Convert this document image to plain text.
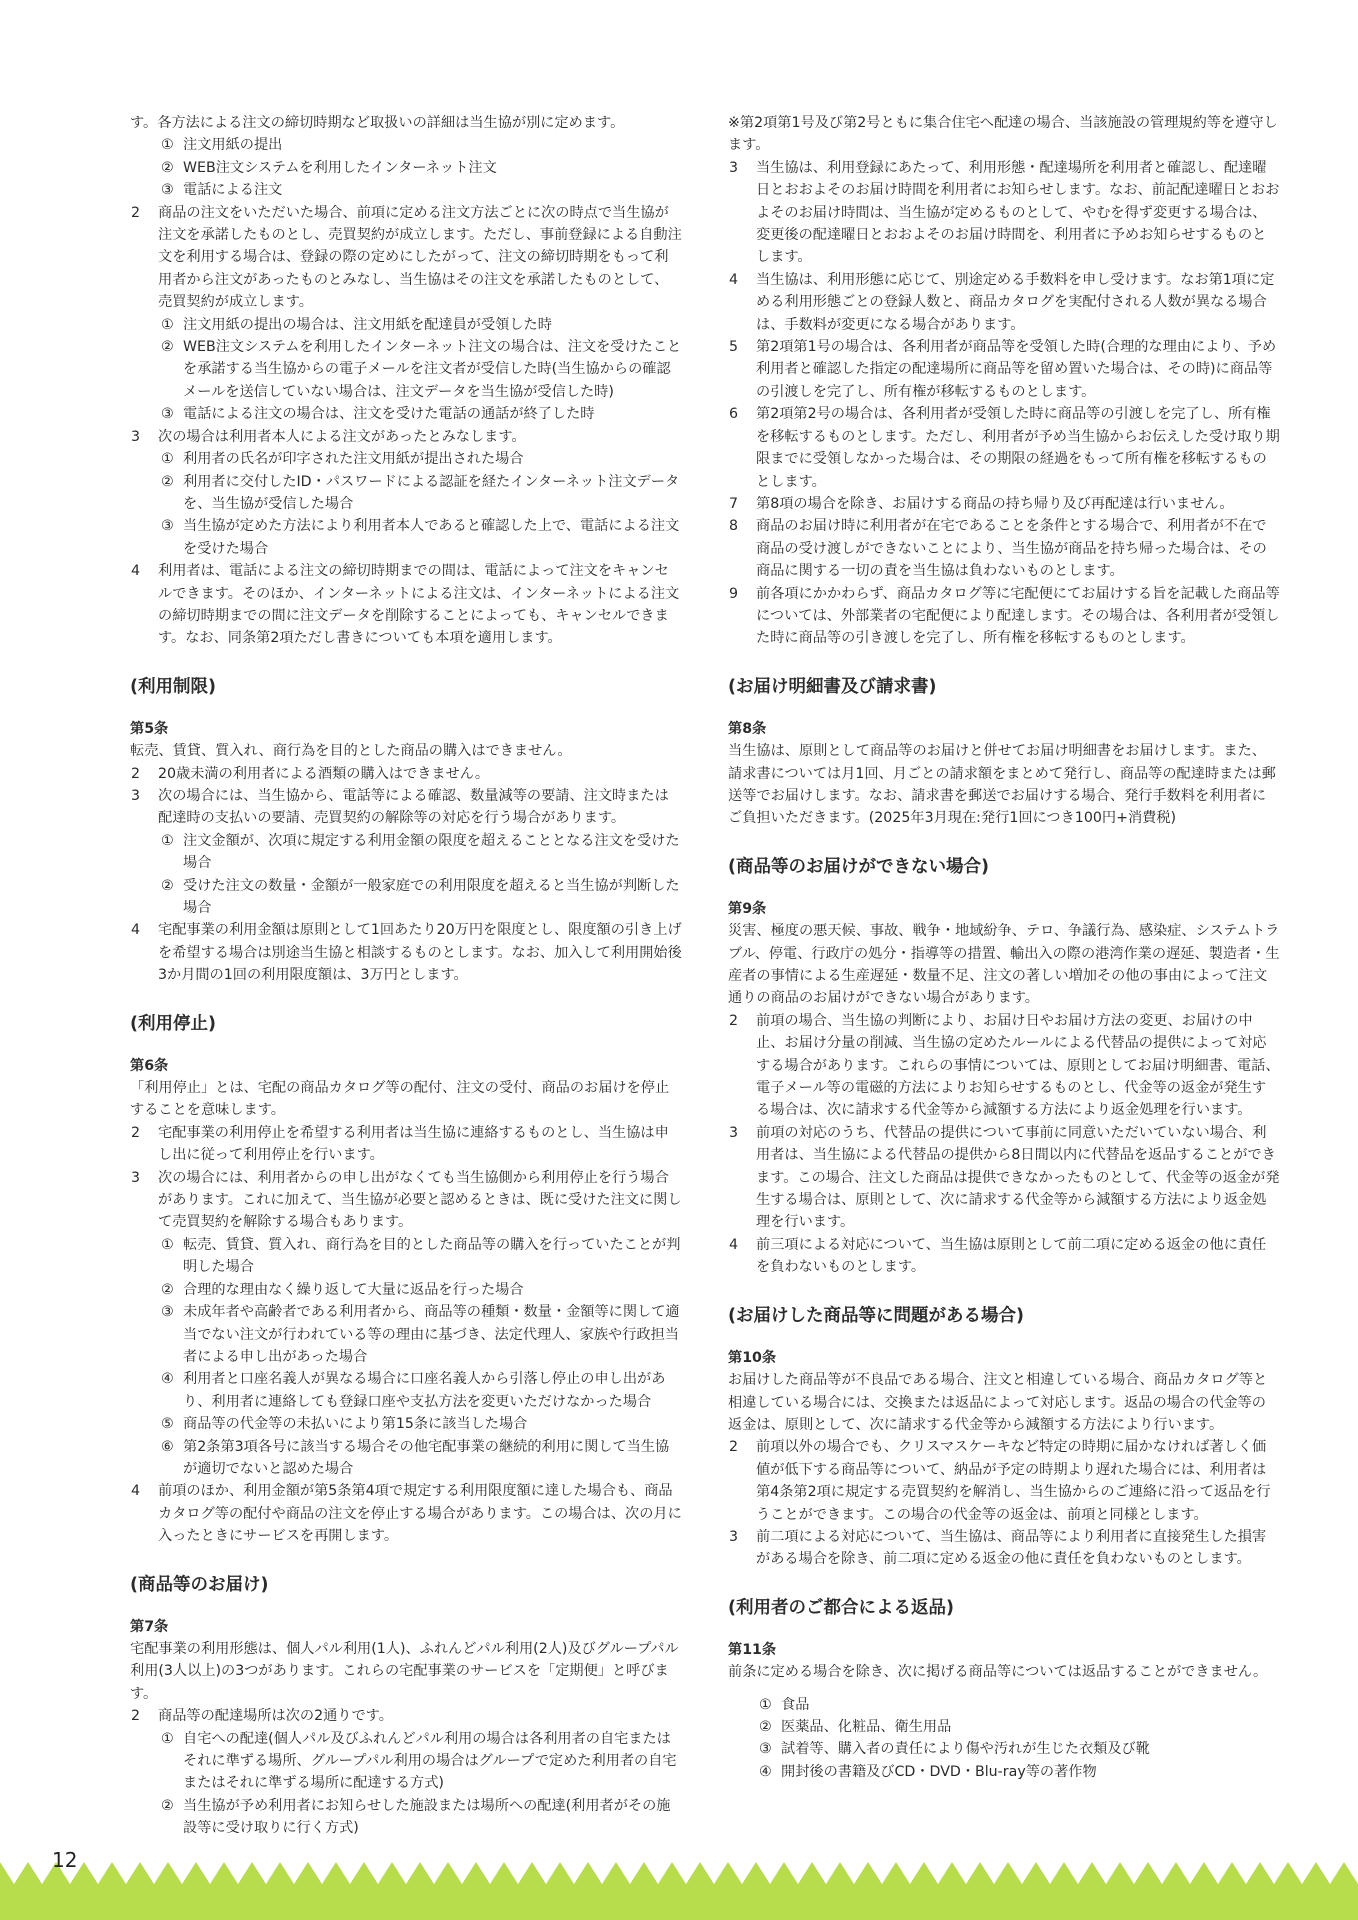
す。各方法による注文の締切時期など取扱いの詳細は当生協が別に定めます。

① 注文用紙の提出
② WEB注文システムを利用したインターネット注文
③ 電話による注文
2	商品の注文をいただいた場合、前項に定める注文方法ごとに次の時点で当生協が注文を承諾したものとし、売買契約が成立します。ただし、事前登録による自動注文を利用する場合は、登録の際の定めにしたがって、注文の締切時期をもって利用者から注文があったものとみなし、当生協はその注文を承諾したものとして、売買契約が成立します。
① 注文用紙の提出の場合は、注文用紙を配達員が受領した時
② WEB注文システムを利用したインターネット注文の場合は、注文を受けたことを承諾する当生協からの電子メールを注文者が受信した時(当生協からの確認メールを送信していない場合は、注文データを当生協が受信した時)
③ 電話による注文の場合は、注文を受けた電話の通話が終了した時
3	次の場合は利用者本人による注文があったとみなします。
① 利用者の氏名が印字された注文用紙が提出された場合
② 利用者に交付したID・パスワードによる認証を経たインターネット注文データを、当生協が受信した場合
③ 当生協が定めた方法により利用者本人であると確認した上で、電話による注文を受けた場合
4	利用者は、電話による注文の締切時期までの間は、電話によって注文をキャンセルできます。そのほか、インターネットによる注文は、インターネットによる注文の締切時期までの間に注文データを削除することによっても、キャンセルできます。なお、同条第2項ただし書きについても本項を適用します。
(利用制限)

第5条

転売、賃貸、質入れ、商行為を目的とした商品の購入はできません。

2	20歳未満の利用者による酒類の購入はできません。
3	次の場合には、当生協から、電話等による確認、数量減等の要請、注文時または配達時の支払いの要請、売買契約の解除等の対応を行う場合があります。
① 注文金額が、次項に規定する利用金額の限度を超えることとなる注文を受けた場合
② 受けた注文の数量・金額が一般家庭での利用限度を超えると当生協が判断した場合
4	宅配事業の利用金額は原則として1回あたり20万円を限度とし、限度額の引き上げを希望する場合は別途当生協と相談するものとします。なお、加入して利用開始後3か月間の1回の利用限度額は、3万円とします。
(利用停止)

第6条

「利用停止」とは、宅配の商品カタログ等の配付、注文の受付、商品のお届けを停止することを意味します。

2	宅配事業の利用停止を希望する利用者は当生協に連絡するものとし、当生協は申し出に従って利用停止を行います。
3	次の場合には、利用者からの申し出がなくても当生協側から利用停止を行う場合があります。これに加えて、当生協が必要と認めるときは、既に受けた注文に関して売買契約を解除する場合もあります。
① 転売、賃貸、質入れ、商行為を目的とした商品等の購入を行っていたことが判明した場合
② 合理的な理由なく繰り返して大量に返品を行った場合
③ 未成年者や高齢者である利用者から、商品等の種類・数量・金額等に関して適当でない注文が行われている等の理由に基づき、法定代理人、家族や行政担当者による申し出があった場合
④ 利用者と口座名義人が異なる場合に口座名義人から引落し停止の申し出があり、利用者に連絡しても登録口座や支払方法を変更いただけなかった場合
⑤ 商品等の代金等の未払いにより第15条に該当した場合
⑥ 第2条第3項各号に該当する場合その他宅配事業の継続的利用に関して当生協が適切でないと認めた場合
4	前項のほか、利用金額が第5条第4項で規定する利用限度額に達した場合も、商品カタログ等の配付や商品の注文を停止する場合があります。この場合は、次の月に入ったときにサービスを再開します。
(商品等のお届け)

第7条

宅配事業の利用形態は、個人パル利用(1人)、ふれんどパル利用(2人)及びグループパル利用(3人以上)の3つがあります。これらの宅配事業のサービスを「定期便」と呼びます。

2	商品等の配達場所は次の2通りです。
① 自宅への配達(個人パル及びふれんどパル利用の場合は各利用者の自宅またはそれに準ずる場所、グループパル利用の場合はグループで定めた利用者の自宅またはそれに準ずる場所に配達する方式)
② 当生協が予め利用者にお知らせした施設または場所への配達(利用者がその施設等に受け取りに行く方式)

※第2項第1号及び第2号ともに集合住宅へ配達の場合、当該施設の管理規約等を遵守します。

3	当生協は、利用登録にあたって、利用形態・配達場所を利用者と確認し、配達曜日とおおよそのお届け時間を利用者にお知らせします。なお、前記配達曜日とおおよそのお届け時間は、当生協が定めるものとして、やむを得ず変更する場合は、変更後の配達曜日とおおよそのお届け時間を、利用者に予めお知らせするものとします。
4	当生協は、利用形態に応じて、別途定める手数料を申し受けます。なお第1項に定める利用形態ごとの登録人数と、商品カタログを実配付される人数が異なる場合は、手数料が変更になる場合があります。
5	第2項第1号の場合は、各利用者が商品等を受領した時(合理的な理由により、予め利用者と確認した指定の配達場所に商品等を留め置いた場合は、その時)に商品等の引渡しを完了し、所有権が移転するものとします。
6	第2項第2号の場合は、各利用者が受領した時に商品等の引渡しを完了し、所有権を移転するものとします。ただし、利用者が予め当生協からお伝えした受け取り期限までに受領しなかった場合は、その期限の経過をもって所有権を移転するものとします。
7	第8項の場合を除き、お届けする商品の持ち帰り及び再配達は行いません。
8	商品のお届け時に利用者が在宅であることを条件とする場合で、利用者が不在で商品の受け渡しができないことにより、当生協が商品を持ち帰った場合は、その商品に関する一切の責を当生協は負わないものとします。
9	前各項にかかわらず、商品カタログ等に宅配便にてお届けする旨を記載した商品等については、外部業者の宅配便により配達します。その場合は、各利用者が受領した時に商品等の引き渡しを完了し、所有権を移転するものとします。
(お届け明細書及び請求書)

第8条

当生協は、原則として商品等のお届けと併せてお届け明細書をお届けします。また、請求書については月1回、月ごとの請求額をまとめて発行し、商品等の配達時または郵送等でお届けします。なお、請求書を郵送でお届けする場合、発行手数料を利用者にご負担いただきます。(2025年3月現在:発行1回につき100円+消費税)

(商品等のお届けができない場合)

第9条

災害、極度の悪天候、事故、戦争・地域紛争、テロ、争議行為、感染症、システムトラブル、停電、行政庁の処分・指導等の措置、輸出入の際の港湾作業の遅延、製造者・生産者の事情による生産遅延・数量不足、注文の著しい増加その他の事由によって注文通りの商品のお届けができない場合があります。

2	前項の場合、当生協の判断により、お届け日やお届け方法の変更、お届けの中止、お届け分量の削減、当生協の定めたルールによる代替品の提供によって対応する場合があります。これらの事情については、原則としてお届け明細書、電話、電子メール等の電磁的方法によりお知らせするものとし、代金等の返金が発生する場合は、次に請求する代金等から減額する方法により返金処理を行います。
3	前項の対応のうち、代替品の提供について事前に同意いただいていない場合、利用者は、当生協による代替品の提供から8日間以内に代替品を返品することができます。この場合、注文した商品は提供できなかったものとして、代金等の返金が発生する場合は、原則として、次に請求する代金等から減額する方法により返金処理を行います。
4	前三項による対応について、当生協は原則として前二項に定める返金の他に責任を負わないものとします。
(お届けした商品等に問題がある場合)

第10条

お届けした商品等が不良品である場合、注文と相違している場合、商品カタログ等と相違している場合には、交換または返品によって対応します。返品の場合の代金等の返金は、原則として、次に請求する代金等から減額する方法により行います。

2	前項以外の場合でも、クリスマスケーキなど特定の時期に届かなければ著しく価値が低下する商品等について、納品が予定の時期より遅れた場合には、利用者は第4条第2項に規定する売買契約を解消し、当生協からのご連絡に沿って返品を行うことができます。この場合の代金等の返金は、前項と同様とします。
3	前二項による対応について、当生協は、商品等により利用者に直接発生した損害がある場合を除き、前二項に定める返金の他に責任を負わないものとします。
(利用者のご都合による返品)

第11条

前条に定める場合を除き、次に掲げる商品等については返品することができません。

① 食品
② 医薬品、化粧品、衛生用品
③ 試着等、購入者の責任により傷や汚れが生じた衣類及び靴
④ 開封後の書籍及びCD・DVD・Blu-ray等の著作物
12
